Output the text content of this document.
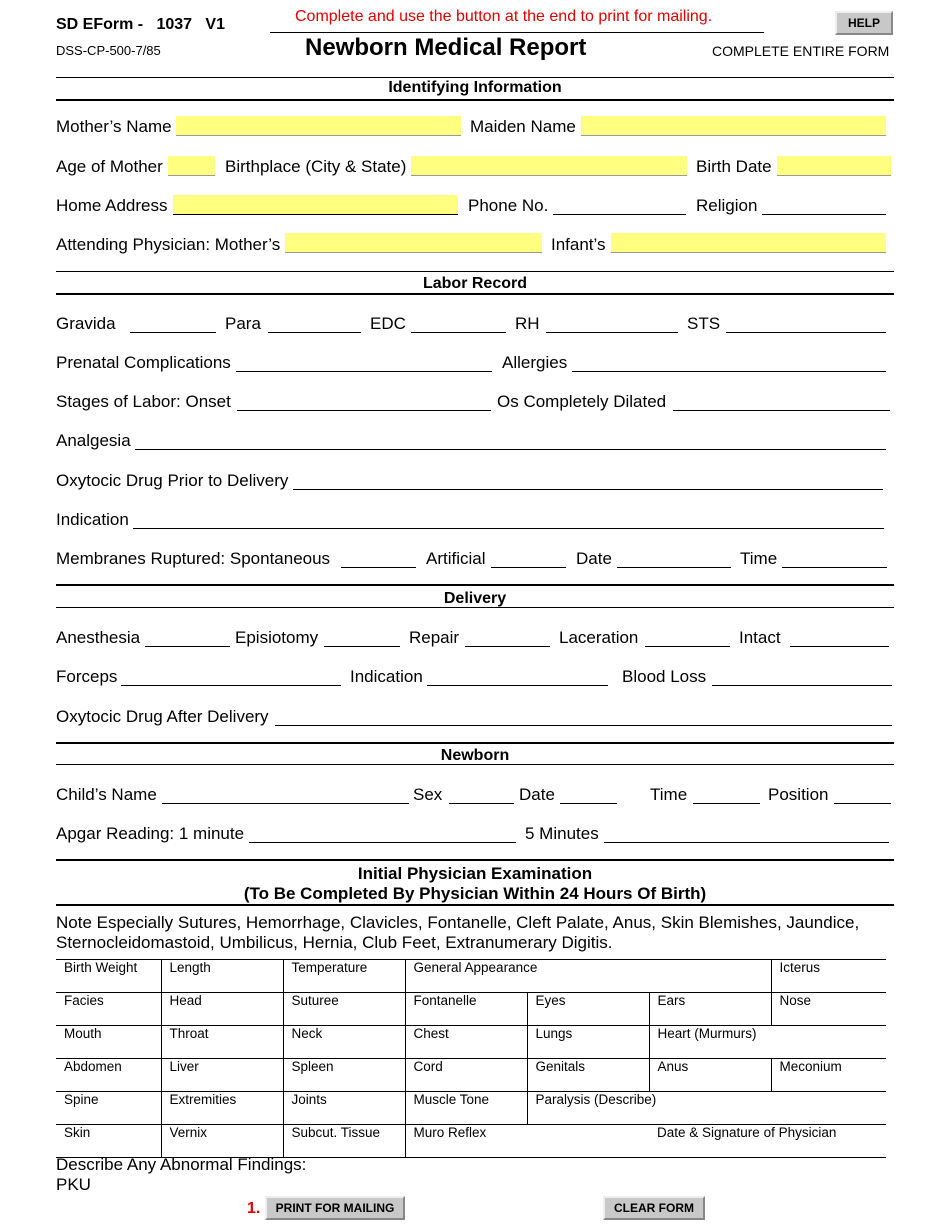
SD EForm - 1037 V1
DSS-CP-500-7/85
Complete and use the button at the end to print for mailing.
Newborn Medical Report	COMPLETE ENTIRE FORM
HELP
Identifying Information
Mother’s Name	Maiden Name
Age of Mother	Birthplace (City & State)	Birth Date
Home Address	Phone No.	Religion
Attending Physician: Mother’s	Infant’s
Labor Record
Gravida	Para	EDC	RH	STS
Prenatal Complications	Allergies
Stages of Labor: Onset	Os Completely Dilated
Analgesia
Oxytocic Drug Prior to Delivery
Indication
Membranes Ruptured: Spontaneous	Artificial	Date	Time
Delivery
Anesthesia	Episiotomy	Repair	Laceration	Intact
Forceps	Indication	Blood Loss
Oxytocic Drug After Delivery
Newborn
Child’s Name	Sex	Date	Time	Position
Apgar Reading: 1 minute	5 Minutes
Initial Physician Examination
(To Be Completed By Physician Within 24 Hours Of Birth)
Note Especially Sutures, Hemorrhage, Clavicles, Fontanelle, Cleft Palate, Anus, Skin Blemishes, Jaundice, Sternocleidomastoid, Umbilicus, Hernia, Club Feet, Extranumerary Digitis.
Birth Weight	Length	Temperature	General Appearance			Icterus
Facies	Head	Suturee	Fontanelle	Eyes	Ears	Nose
Mouth	Throat	Neck	Chest	Lungs	Heart (Murmurs)	
Abdomen	Liver	Spleen	Cord	Genitals	Anus	Meconium
Spine	Extremities	Joints	Muscle Tone	Paralysis (Describe)		
Skin	Vernix	Subcut. Tissue	Muro Reflex		Date & Signature of Physician	
Describe Any Abnormal Findings:
PKU
1.	PRINT FOR MAILING	CLEAR FORM
